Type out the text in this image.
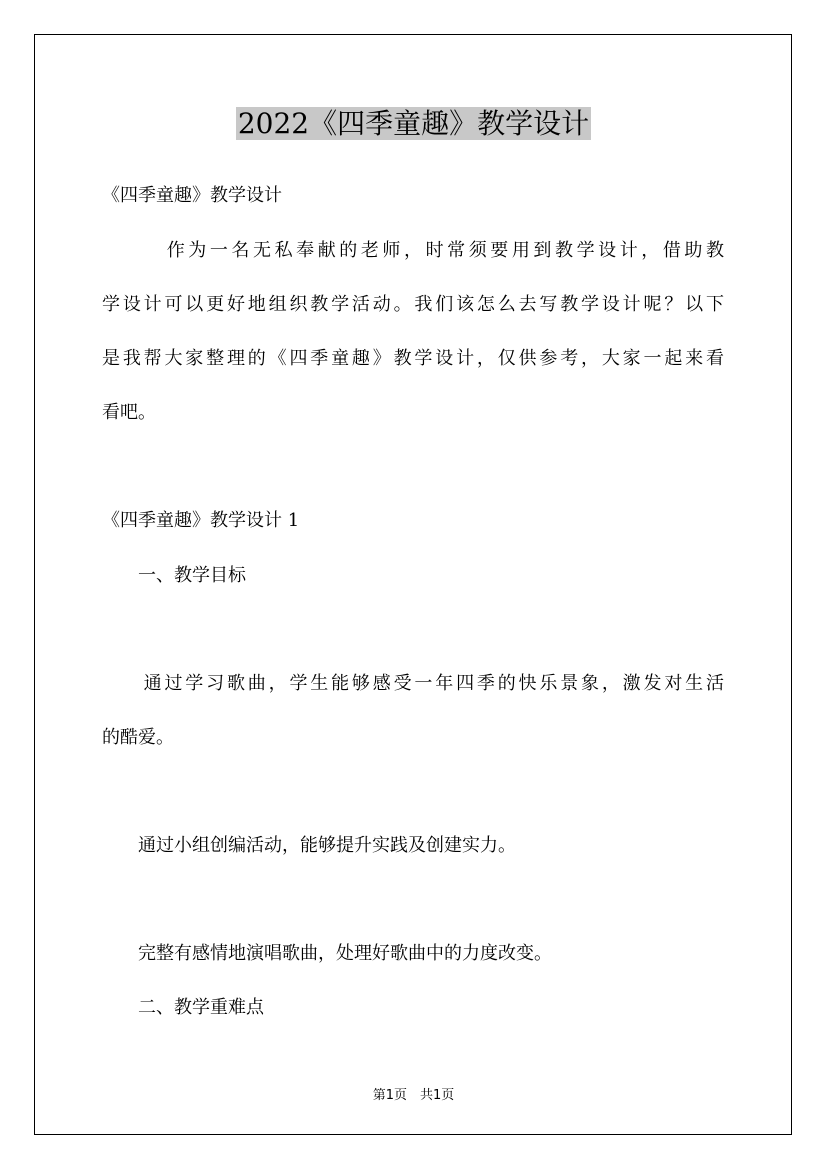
2022《四季童趣》教学设计
《四季童趣》教学设计
　　　作为一名无私奉献的老师，时常须要用到教学设计，借助教
学设计可以更好地组织教学活动。我们该怎么去写教学设计呢？以下
是我帮大家整理的《四季童趣》教学设计，仅供参考，大家一起来看
看吧。
《四季童趣》教学设计 1
　　一、教学目标
　　通过学习歌曲，学生能够感受一年四季的快乐景象，激发对生活
的酷爱。
　　通过小组创编活动，能够提升实践及创建实力。
　　完整有感情地演唱歌曲，处理好歌曲中的力度改变。
　　二、教学重难点
第1页　共1页
